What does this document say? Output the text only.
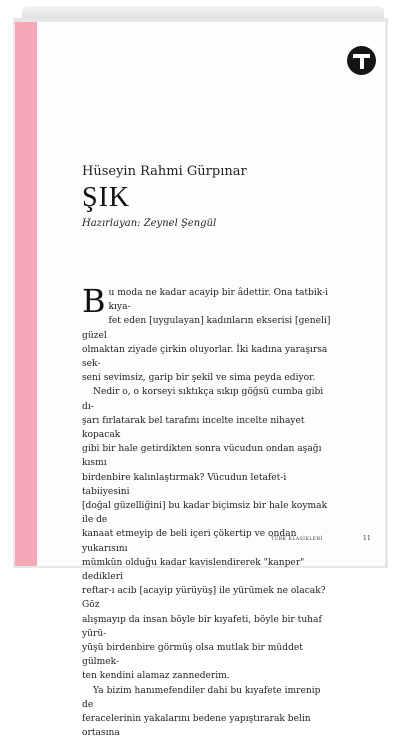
Hüseyin Rahmi Gürpınar
ŞIK
Hazırlayan: Zeynel Şengül

B u moda ne kadar acayip bir âdettir. Ona tatbik-i kıya-
fet eden [uygulayan] kadınların ekserisi [geneli] güzel
olmaktan ziyade çirkin oluyorlar. İki kadına yaraşırsa sek-
seni sevimsiz, garip bir şekil ve sima peyda ediyor.

Nedir o, o korseyi sıktıkça sıkıp göğsü cumba gibi dı-
şarı fırlatarak bel tarafını incelte incelte nihayet kopacak
gibi bir hale getirdikten sonra vücudun ondan aşağı kısmı
birdenbire kalınlaştırmak? Vücudun letafet-i tabiiyesini
[doğal güzelliğini] bu kadar biçimsiz bir hale koymak ile de
kanaat etmeyip de beli içeri çökertip ve ondan yukarısını
mümkün olduğu kadar kavislendirerek "kanper" dedikleri
reftar-ı acib [acayip yürüyüş] ile yürümek ne olacak? Göz
alışmayıp da insan böyle bir kıyafeti, böyle bir tuhaf yürü-
yüşü birdenbire görmüş olsa mutlak bir müddet gülmek-
ten kendini alamaz zannederim.

Ya bizim hanımefendiler dahi bu kıyafete imrenip de
feracelerinin yakalarını bedene yapıştırarak belin ortasına

TÜRK KLASİKLERİ	11
